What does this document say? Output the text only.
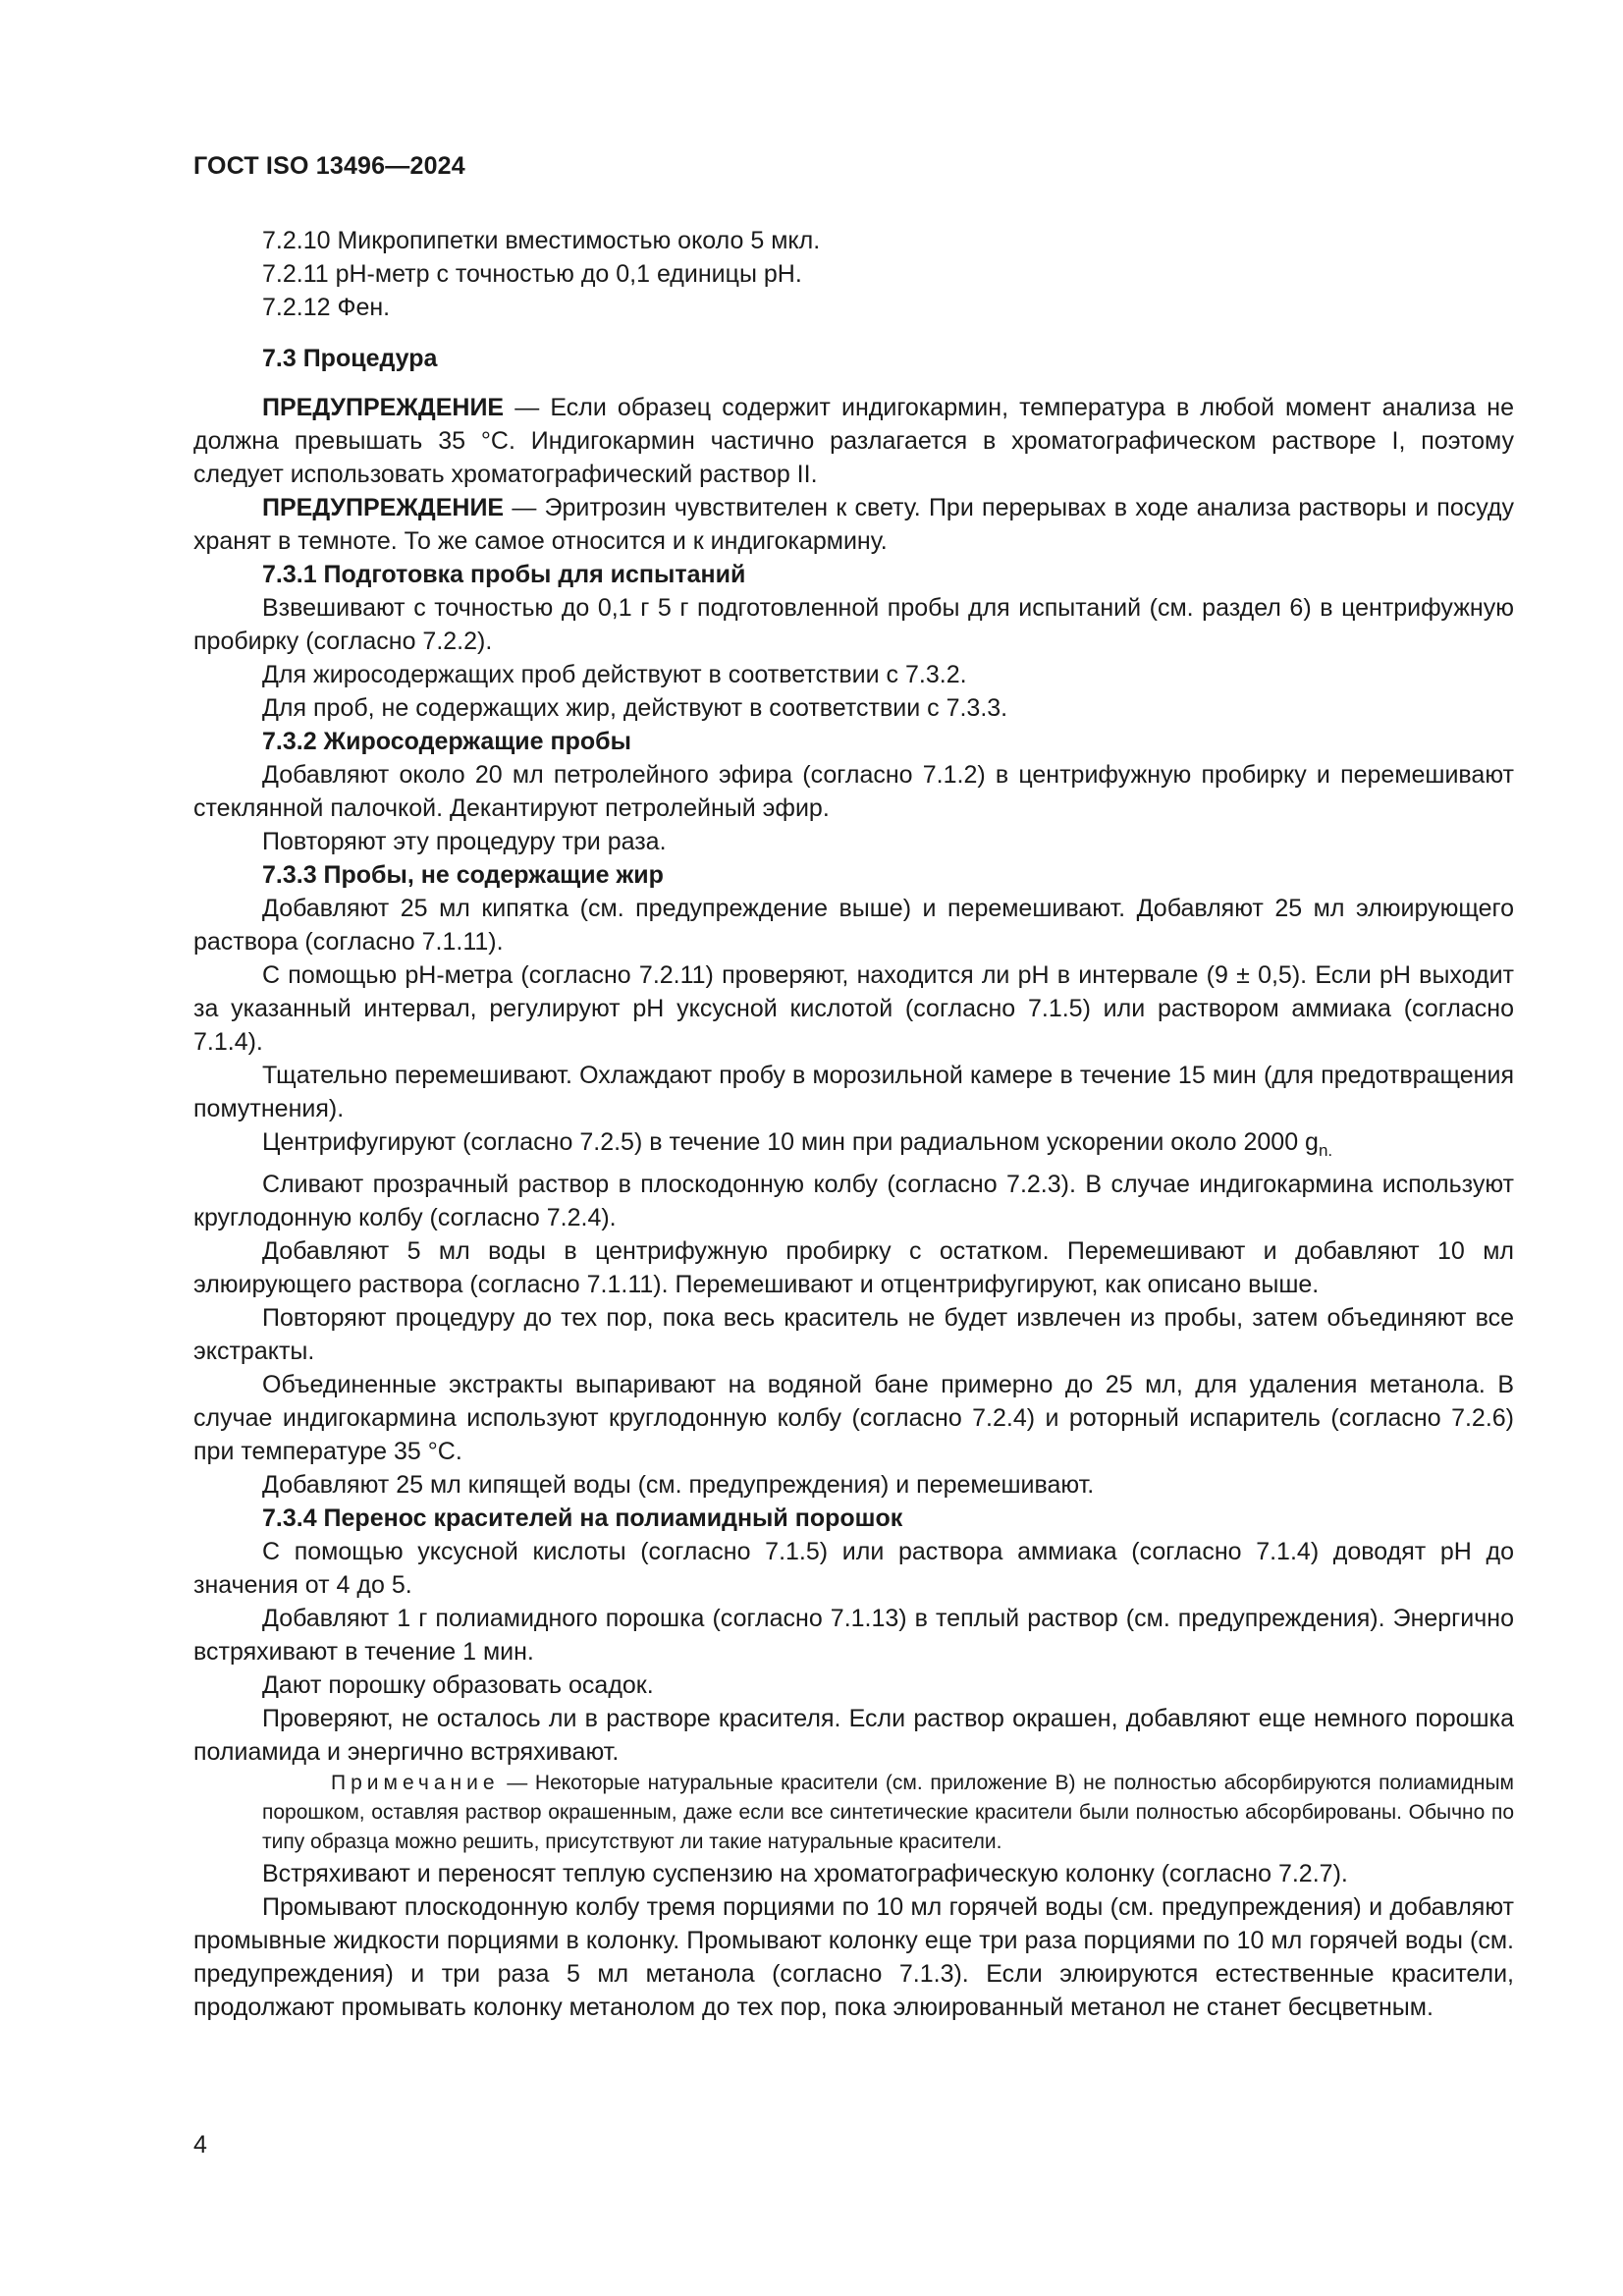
ГОСТ ISO 13496—2024

7.2.10 Микропипетки вместимостью около 5 мкл.

7.2.11 pH-метр с точностью до 0,1 единицы pH.

7.2.12 Фен.

7.3 Процедура

ПРЕДУПРЕЖДЕНИЕ — Если образец содержит индигокармин, температура в любой момент анализа не должна превышать 35 °С. Индигокармин частично разлагается в хроматографическом растворе I, поэтому следует использовать хроматографический раствор II.

ПРЕДУПРЕЖДЕНИЕ — Эритрозин чувствителен к свету. При перерывах в ходе анализа растворы и посуду хранят в темноте. То же самое относится и к индигокармину.

7.3.1 Подготовка пробы для испытаний

Взвешивают с точностью до 0,1 г 5 г подготовленной пробы для испытаний (см. раздел 6) в центрифужную пробирку (согласно 7.2.2).

Для жиросодержащих проб действуют в соответствии с 7.3.2.

Для проб, не содержащих жир, действуют в соответствии с 7.3.3.

7.3.2 Жиросодержащие пробы

Добавляют около 20 мл петролейного эфира (согласно 7.1.2) в центрифужную пробирку и перемешивают стеклянной палочкой. Декантируют петролейный эфир.

Повторяют эту процедуру три раза.

7.3.3 Пробы, не содержащие жир

Добавляют 25 мл кипятка (см. предупреждение выше) и перемешивают. Добавляют 25 мл элюирующего раствора (согласно 7.1.11).

С помощью pH-метра (согласно 7.2.11) проверяют, находится ли pH в интервале (9 ± 0,5). Если pH выходит за указанный интервал, регулируют pH уксусной кислотой (согласно 7.1.5) или раствором аммиака (согласно 7.1.4).

Тщательно перемешивают. Охлаждают пробу в морозильной камере в течение 15 мин (для предотвращения помутнения).

Центрифугируют (согласно 7.2.5) в течение 10 мин при радиальном ускорении около 2000 $g_{n.}$

Сливают прозрачный раствор в плоскодонную колбу (согласно 7.2.3). В случае индигокармина используют круглодонную колбу (согласно 7.2.4).

Добавляют 5 мл воды в центрифужную пробирку с остатком. Перемешивают и добавляют 10 мл элюирующего раствора (согласно 7.1.11). Перемешивают и отцентрифугируют, как описано выше.

Повторяют процедуру до тех пор, пока весь краситель не будет извлечен из пробы, затем объединяют все экстракты.

Объединенные экстракты выпаривают на водяной бане примерно до 25 мл, для удаления метанола. В случае индигокармина используют круглодонную колбу (согласно 7.2.4) и роторный испаритель (согласно 7.2.6) при температуре 35 °С.

Добавляют 25 мл кипящей воды (см. предупреждения) и перемешивают.

7.3.4 Перенос красителей на полиамидный порошок

С помощью уксусной кислоты (согласно 7.1.5) или раствора аммиака (согласно 7.1.4) доводят pH до значения от 4 до 5.

Добавляют 1 г полиамидного порошка (согласно 7.1.13) в теплый раствор (см. предупреждения). Энергично встряхивают в течение 1 мин.

Дают порошку образовать осадок.

Проверяют, не осталось ли в растворе красителя. Если раствор окрашен, добавляют еще немного порошка полиамида и энергично встряхивают.

Примечание — Некоторые натуральные красители (см. приложение В) не полностью абсорбируются полиамидным порошком, оставляя раствор окрашенным, даже если все синтетические красители были полностью абсорбированы. Обычно по типу образца можно решить, присутствуют ли такие натуральные красители.

Встряхивают и переносят теплую суспензию на хроматографическую колонку (согласно 7.2.7).

Промывают плоскодонную колбу тремя порциями по 10 мл горячей воды (см. предупреждения) и добавляют промывные жидкости порциями в колонку. Промывают колонку еще три раза порциями по 10 мл горячей воды (см. предупреждения) и три раза 5 мл метанола (согласно 7.1.3). Если элюируются естественные красители, продолжают промывать колонку метанолом до тех пор, пока элюированный метанол не станет бесцветным.

4
